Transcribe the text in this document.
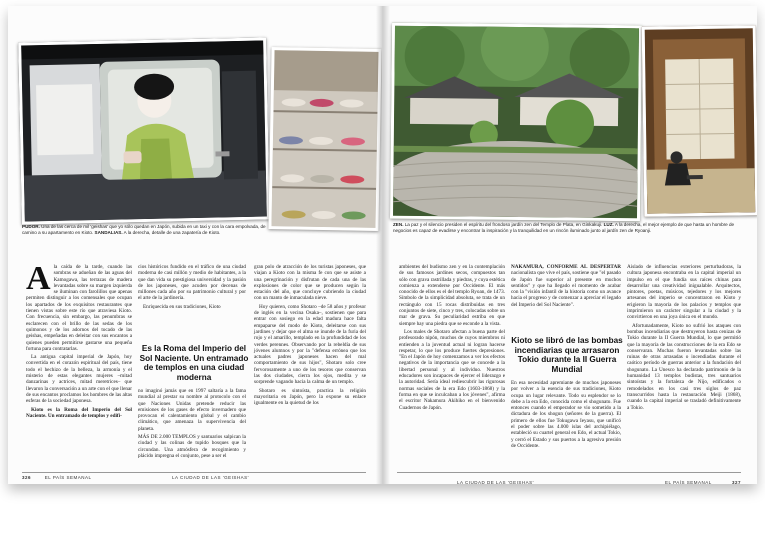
PUDOR. Una de las cerca de mil 'geishas' que yo sólo quedan en Japón, subida en un taxi y con la cara empolvada, de camino a su apartamento en Kioto. SANDALIAS. A la derecha, detalle de una zapatería de Kioto.

Ala caída de la tarde, cuando las sombras se adueñan de las aguas del Kamogawa, las terrazas de madera levantadas sobre su margen izquierda se iluminan con farolillos que apenas permiten distinguir a los comensales que ocupan los apartados de los exquisitos restaurantes que tienen vistas sobre este río que atraviesa Kioto. Con frecuencia, sin embargo, las penumbras se esclarecen con el brillo de las sedas de los quimonos y de los adornos del tocado de las geishas, empeñadas en deleitar con sus encantos a quienes pueden permitirse gastarse una pequeña fortuna para contratarlas.

La antigua capital imperial de Japón, hoy convertida en el corazón espiritual del país, tiene todo el hechizo de la belleza, la armonía y el misterio de estas elegantes mujeres –mitad danzarinas y actrices, mitad meretrices– que llevaron la conversación a un arte con el que llenar de sus encantos proclamos los hombres de las altas esferas de la sociedad japonesa.

Kioto es la Roma del Imperio del Sol Naciente. Un entramado de templos y edifi-

cios históricos fundido en el tráfico de una ciudad moderna de casi millón y medio de habitantes, a la que dan vida su prestigiosa universidad y la pasión de los japoneses, que acuden por decenas de millones cada año por su patrimonio cultural y por el arte de la jardinería.

Enriquecida en sus tradiciones, Kioto

Es la Roma del Imperio del Sol Naciente. Un entramado de templos en una ciudad moderna

no imaginó jamás que en 1997 saltaría a la fama mundial al prestar su nombre al protocolo con el que Naciones Unidas pretende reducir las emisiones de los gases de efecto invernadero que provocan el calentamiento global y el cambio climático, que amenaza la supervivencia del planeta.

MÁS DE 2.000 TEMPLOS y santuarios salpican la ciudad y las colinas de tupido bosques que la circundan. Una atmósfera de recogimiento y plácido impregna el conjunto, pese a ser el

gran polo de atracción de los turistas japoneses, que viajan a Kioto con la misma fe con que se asiste a una peregrinación y disfrutan de cada una de las explosiones de color que se producen según la estación del año, que concluye cubriendo la ciudad con un manto de inmaculada nieve.

Hoy quieren, como Shotaro –de 58 años y profesor de inglés en la vecina Osaka–, sostienen que para entrar con sosiego en la edad madura hace falta empaparse del modo de Kioto, deleitarse con sus jardines y dejar que el alma se inunde de la furia del rojo y el amarillo, templado en la profundidad de los verdes perennes. Observando por la rebeldía de sus jóvenes alumnos y por la "defensa errónea que los actuales padres japoneses hacen del mal comportamiento de sus hijos", Shotaro solo cree fervorosamente a uno de los tesoros que conservan las dos ciudades, cierra los ojos, medita y se sorprende vagando hacia la calma de un templo.

Shotaro es sintoísta, practica la religión mayoritaria en Japón, pero la expone su enlace igualmente en la quietud de los

326	EL PAÍS SEMANAL	LA CIUDAD DE LAS 'GEISHAS'
ZEN. La paz y el silencio presiden el espíritu del frondoso jardín zen del Templo de Plata, en Ginkakuji. LUZ. A la derecha, el mejor ejemplo de que hasta un hombre de negocios es capaz de evadirse y encontrar la inspiración y la tranquilidad en un rincón iluminado junto al jardín zen de Ryoanji.

ambientes del budismo zen y en la contemplación de sus famosos jardines secos, compuestos tan sólo con grava rastrillada y piedras, y cuya estética comienza a extenderse por Occidente. El más conocido de ellos es el del templo Ryoan, de 1473. Símbolo de la simplicidad absoluta, se trata de un rectángulo con 15 rocas distribuidas en tres conjuntos de siete, cinco y tres, colocadas sobre un mar de grava. Su peculiaridad estriba en que siempre hay una piedra que se esconde a la vista.

Los males de Shotaro afectan a buena parte del profesorado nipón, muchos de cuyos miembros ni entienden a la juventud actual ni logran hacerse respetar, lo que los produce fuertes depresiones. "En el Japón de hoy comenzamos a ver los efectos negativos de la importancia que se concede a la libertad personal y al individuo. Nuestros educadores son incapaces de ejercer el liderazgo e la autoridad. Sería ideal rediescubrir las rigurosas normas sociales de la era Edo (1603-1868) y la forma en que se inculcaban a los jóvenes", afirma el escritor Nakamura Akihiko en el bienvenido Cuadernos de Japón.

NAKAMURA, CONFORME AL DESPERTAR nacionalista que vive el país, sostiene que "el pasado de Japón fue superior al presente en muchos sentidos" y que ha llegado el momento de acabar con la "visión infantil de la historia como un avance hacia el progreso y de comenzar a apreciar el legado del Imperio del Sol Naciente".

Kioto se libró de las bombas incendiarias que arrasaron Tokio durante la II Guerra Mundial

En esa necesidad apremiante de muchos japoneses por volver a la esencia de sus tradiciones, Kioto ocupa un lugar relevante. Todo su esplendor se lo debe a la era Edo, conocida como el shogunato. Fue entonces cuando el emperador se vio sometido a la dictadura de los shogun (señores de la guerra). El primero de ellos fue Tokugawa Ieyasu, que unificó el poder sobre las 4.000 islas del archipiélago, estableció su cuartel general en Edo, el actual Tokio, y cerró el Estado y sus puertos a la agresiva presión de Occidente.

Aislado de influencias exteriores perturbadoras, la cultura japonesa encontraba en la capital imperial un impulso en el que fundía sus raíces chinas para desarrollar una creatividad inigualable. Arquitectos, pintores, poetas, músicos, tejedores y los mejores artesanos del imperio se concentraron en Kioto y erigieron la mayoría de los palacios y templos que imprimieron un carácter singular a la ciudad y la convirtieron en una joya única en el mundo.

Afortunadamente, Kioto no sufrió los ataques con bombas incendiarias que destruyeron hasta cenizas de Tokio durante la II Guerra Mundial, lo que permitió que la mayoría de las construcciones de la era Edo se conservaran. Muchas fueron levantadas sobre las ruinas de otras arrasadas o incendiadas durante el caótico período de guerras anterior a la fundación del shogunato. La Unesco ha declarado patrimonio de la humanidad 13 templos budistas, tres santuarios sintoístas y la fortaleza de Nijo, edificados o remodelados en los casi tres siglos de paz transcurridos hasta la restauración Meiji (1868), cuando la capital imperial se trasladó definitivamente a Tokio.

LA CIUDAD DE LAS 'GEISHAS'	EL PAÍS SEMANAL	327
